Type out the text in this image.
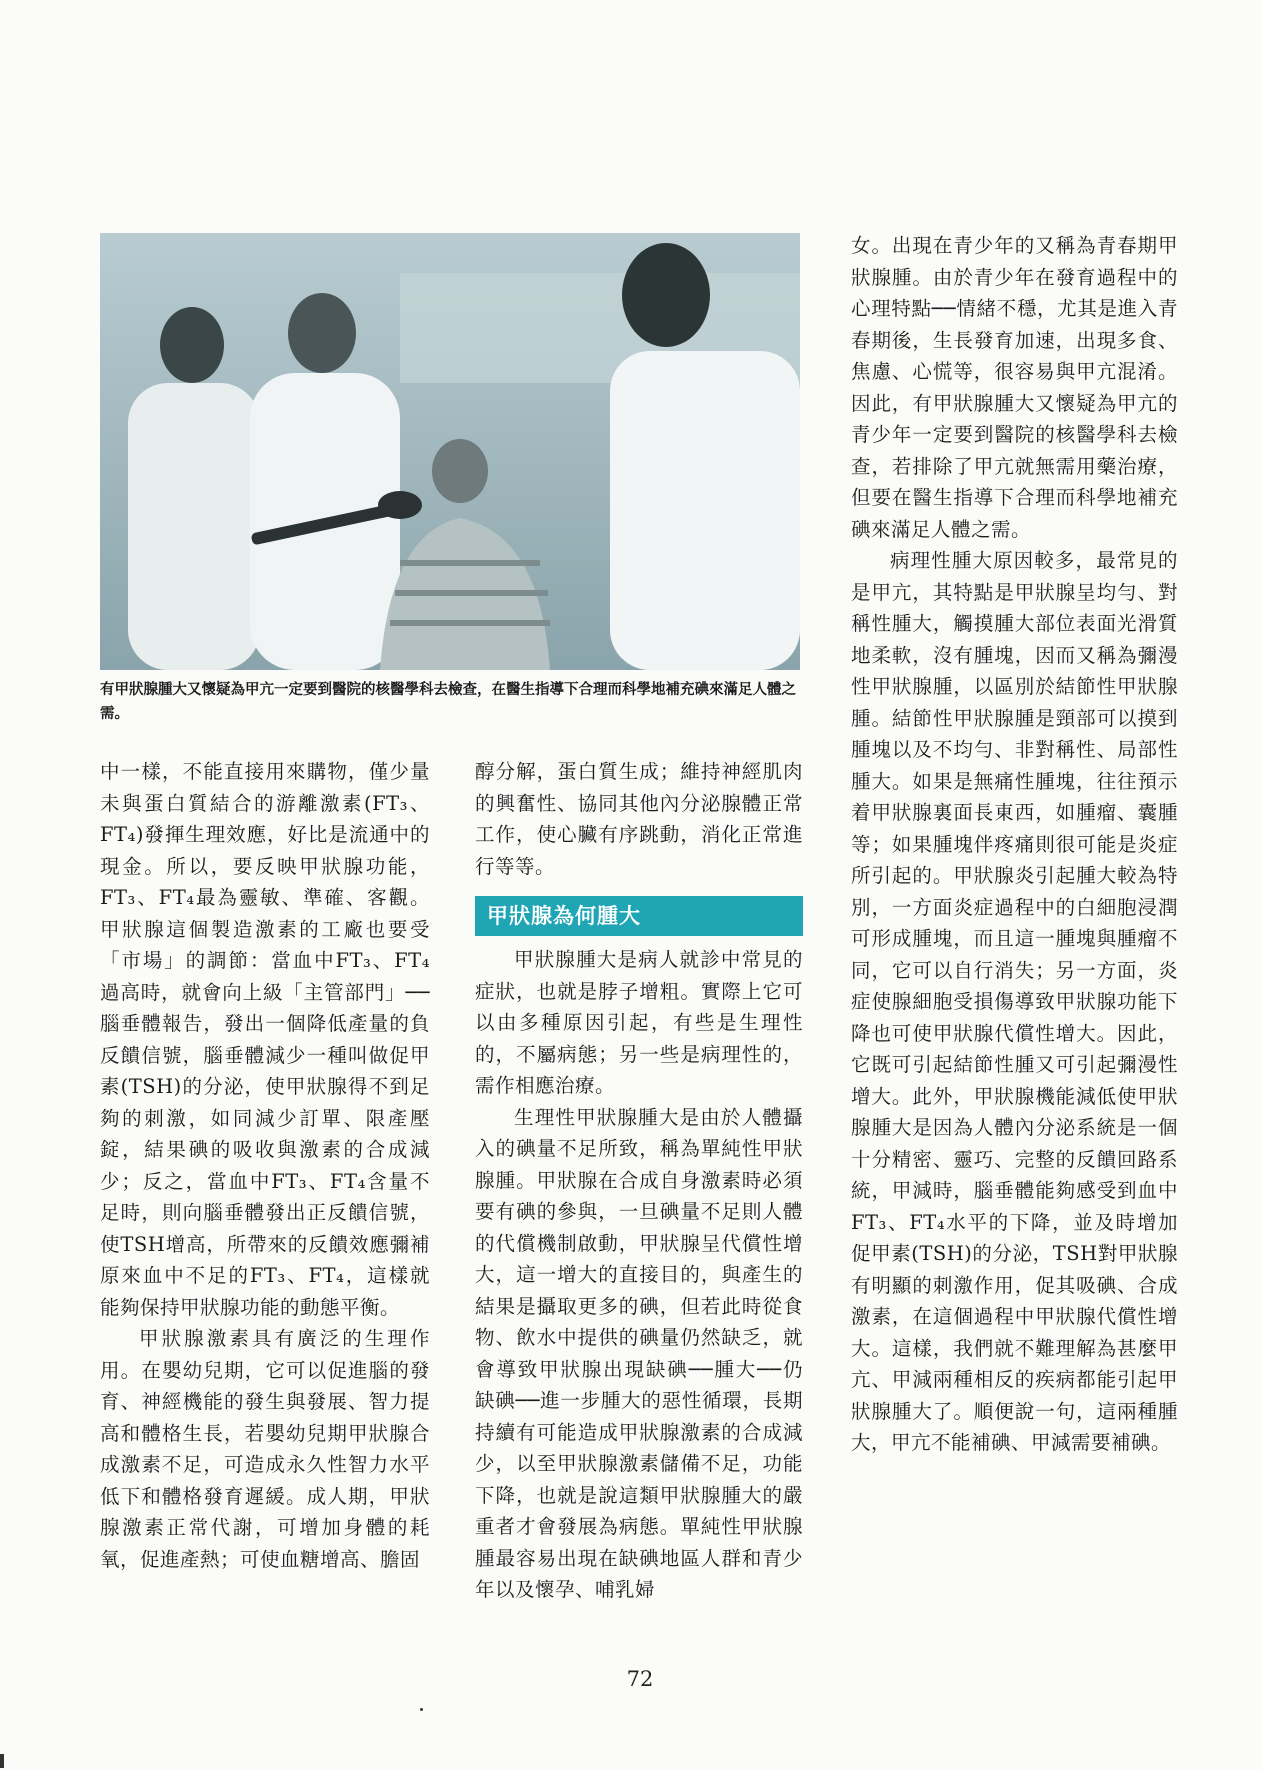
有甲狀腺腫大又懷疑為甲亢一定要到醫院的核醫學科去檢查，在醫生指導下合理而科學地補充碘來滿足人體之需。

中一樣，不能直接用來購物，僅少量未與蛋白質結合的游離激素(FT₃、FT₄)發揮生理效應，好比是流通中的現金。所以，要反映甲狀腺功能，FT₃、FT₄最為靈敏、準確、客觀。甲狀腺這個製造激素的工廠也要受「市場」的調節：當血中FT₃、FT₄過高時，就會向上級「主管部門」──腦垂體報告，發出一個降低產量的負反饋信號，腦垂體減少一種叫做促甲素(TSH)的分泌，使甲狀腺得不到足夠的刺激，如同減少訂單、限產壓錠，結果碘的吸收與激素的合成減少；反之，當血中FT₃、FT₄含量不足時，則向腦垂體發出正反饋信號，使TSH增高，所帶來的反饋效應彌補原來血中不足的FT₃、FT₄，這樣就能夠保持甲狀腺功能的動態平衡。

甲狀腺激素具有廣泛的生理作用。在嬰幼兒期，它可以促進腦的發育、神經機能的發生與發展、智力提高和體格生長，若嬰幼兒期甲狀腺合成激素不足，可造成永久性智力水平低下和體格發育遲緩。成人期，甲狀腺激素正常代謝，可增加身體的耗氧，促進產熱；可使血糖增高、膽固

醇分解，蛋白質生成；維持神經肌肉的興奮性、協同其他內分泌腺體正常工作，使心臟有序跳動，消化正常進行等等。

甲狀腺為何腫大

甲狀腺腫大是病人就診中常見的症狀，也就是脖子增粗。實際上它可以由多種原因引起，有些是生理性的，不屬病態；另一些是病理性的，需作相應治療。

生理性甲狀腺腫大是由於人體攝入的碘量不足所致，稱為單純性甲狀腺腫。甲狀腺在合成自身激素時必須要有碘的參與，一旦碘量不足則人體的代償機制啟動，甲狀腺呈代償性增大，這一增大的直接目的，與產生的結果是攝取更多的碘，但若此時從食物、飲水中提供的碘量仍然缺乏，就會導致甲狀腺出現缺碘──腫大──仍缺碘──進一步腫大的惡性循環，長期持續有可能造成甲狀腺激素的合成減少，以至甲狀腺激素儲備不足，功能下降，也就是說這類甲狀腺腫大的嚴重者才會發展為病態。單純性甲狀腺腫最容易出現在缺碘地區人群和青少年以及懷孕、哺乳婦

女。出現在青少年的又稱為青春期甲狀腺腫。由於青少年在發育過程中的心理特點──情緒不穩，尤其是進入青春期後，生長發育加速，出現多食、焦慮、心慌等，很容易與甲亢混淆。因此，有甲狀腺腫大又懷疑為甲亢的青少年一定要到醫院的核醫學科去檢查，若排除了甲亢就無需用藥治療，但要在醫生指導下合理而科學地補充碘來滿足人體之需。

病理性腫大原因較多，最常見的是甲亢，其特點是甲狀腺呈均勻、對稱性腫大，觸摸腫大部位表面光滑質地柔軟，沒有腫塊，因而又稱為彌漫性甲狀腺腫，以區別於結節性甲狀腺腫。結節性甲狀腺腫是頸部可以摸到腫塊以及不均勻、非對稱性、局部性腫大。如果是無痛性腫塊，往往預示着甲狀腺裏面長東西，如腫瘤、囊腫等；如果腫塊伴疼痛則很可能是炎症所引起的。甲狀腺炎引起腫大較為特別，一方面炎症過程中的白細胞浸潤可形成腫塊，而且這一腫塊與腫瘤不同，它可以自行消失；另一方面，炎症使腺細胞受損傷導致甲狀腺功能下降也可使甲狀腺代償性增大。因此，它既可引起結節性腫又可引起彌漫性增大。此外，甲狀腺機能減低使甲狀腺腫大是因為人體內分泌系統是一個十分精密、靈巧、完整的反饋回路系統，甲減時，腦垂體能夠感受到血中FT₃、FT₄水平的下降，並及時增加促甲素(TSH)的分泌，TSH對甲狀腺有明顯的刺激作用，促其吸碘、合成激素，在這個過程中甲狀腺代償性增大。這樣，我們就不難理解為甚麼甲亢、甲減兩種相反的疾病都能引起甲狀腺腫大了。順便說一句，這兩種腫大，甲亢不能補碘、甲減需要補碘。

72
